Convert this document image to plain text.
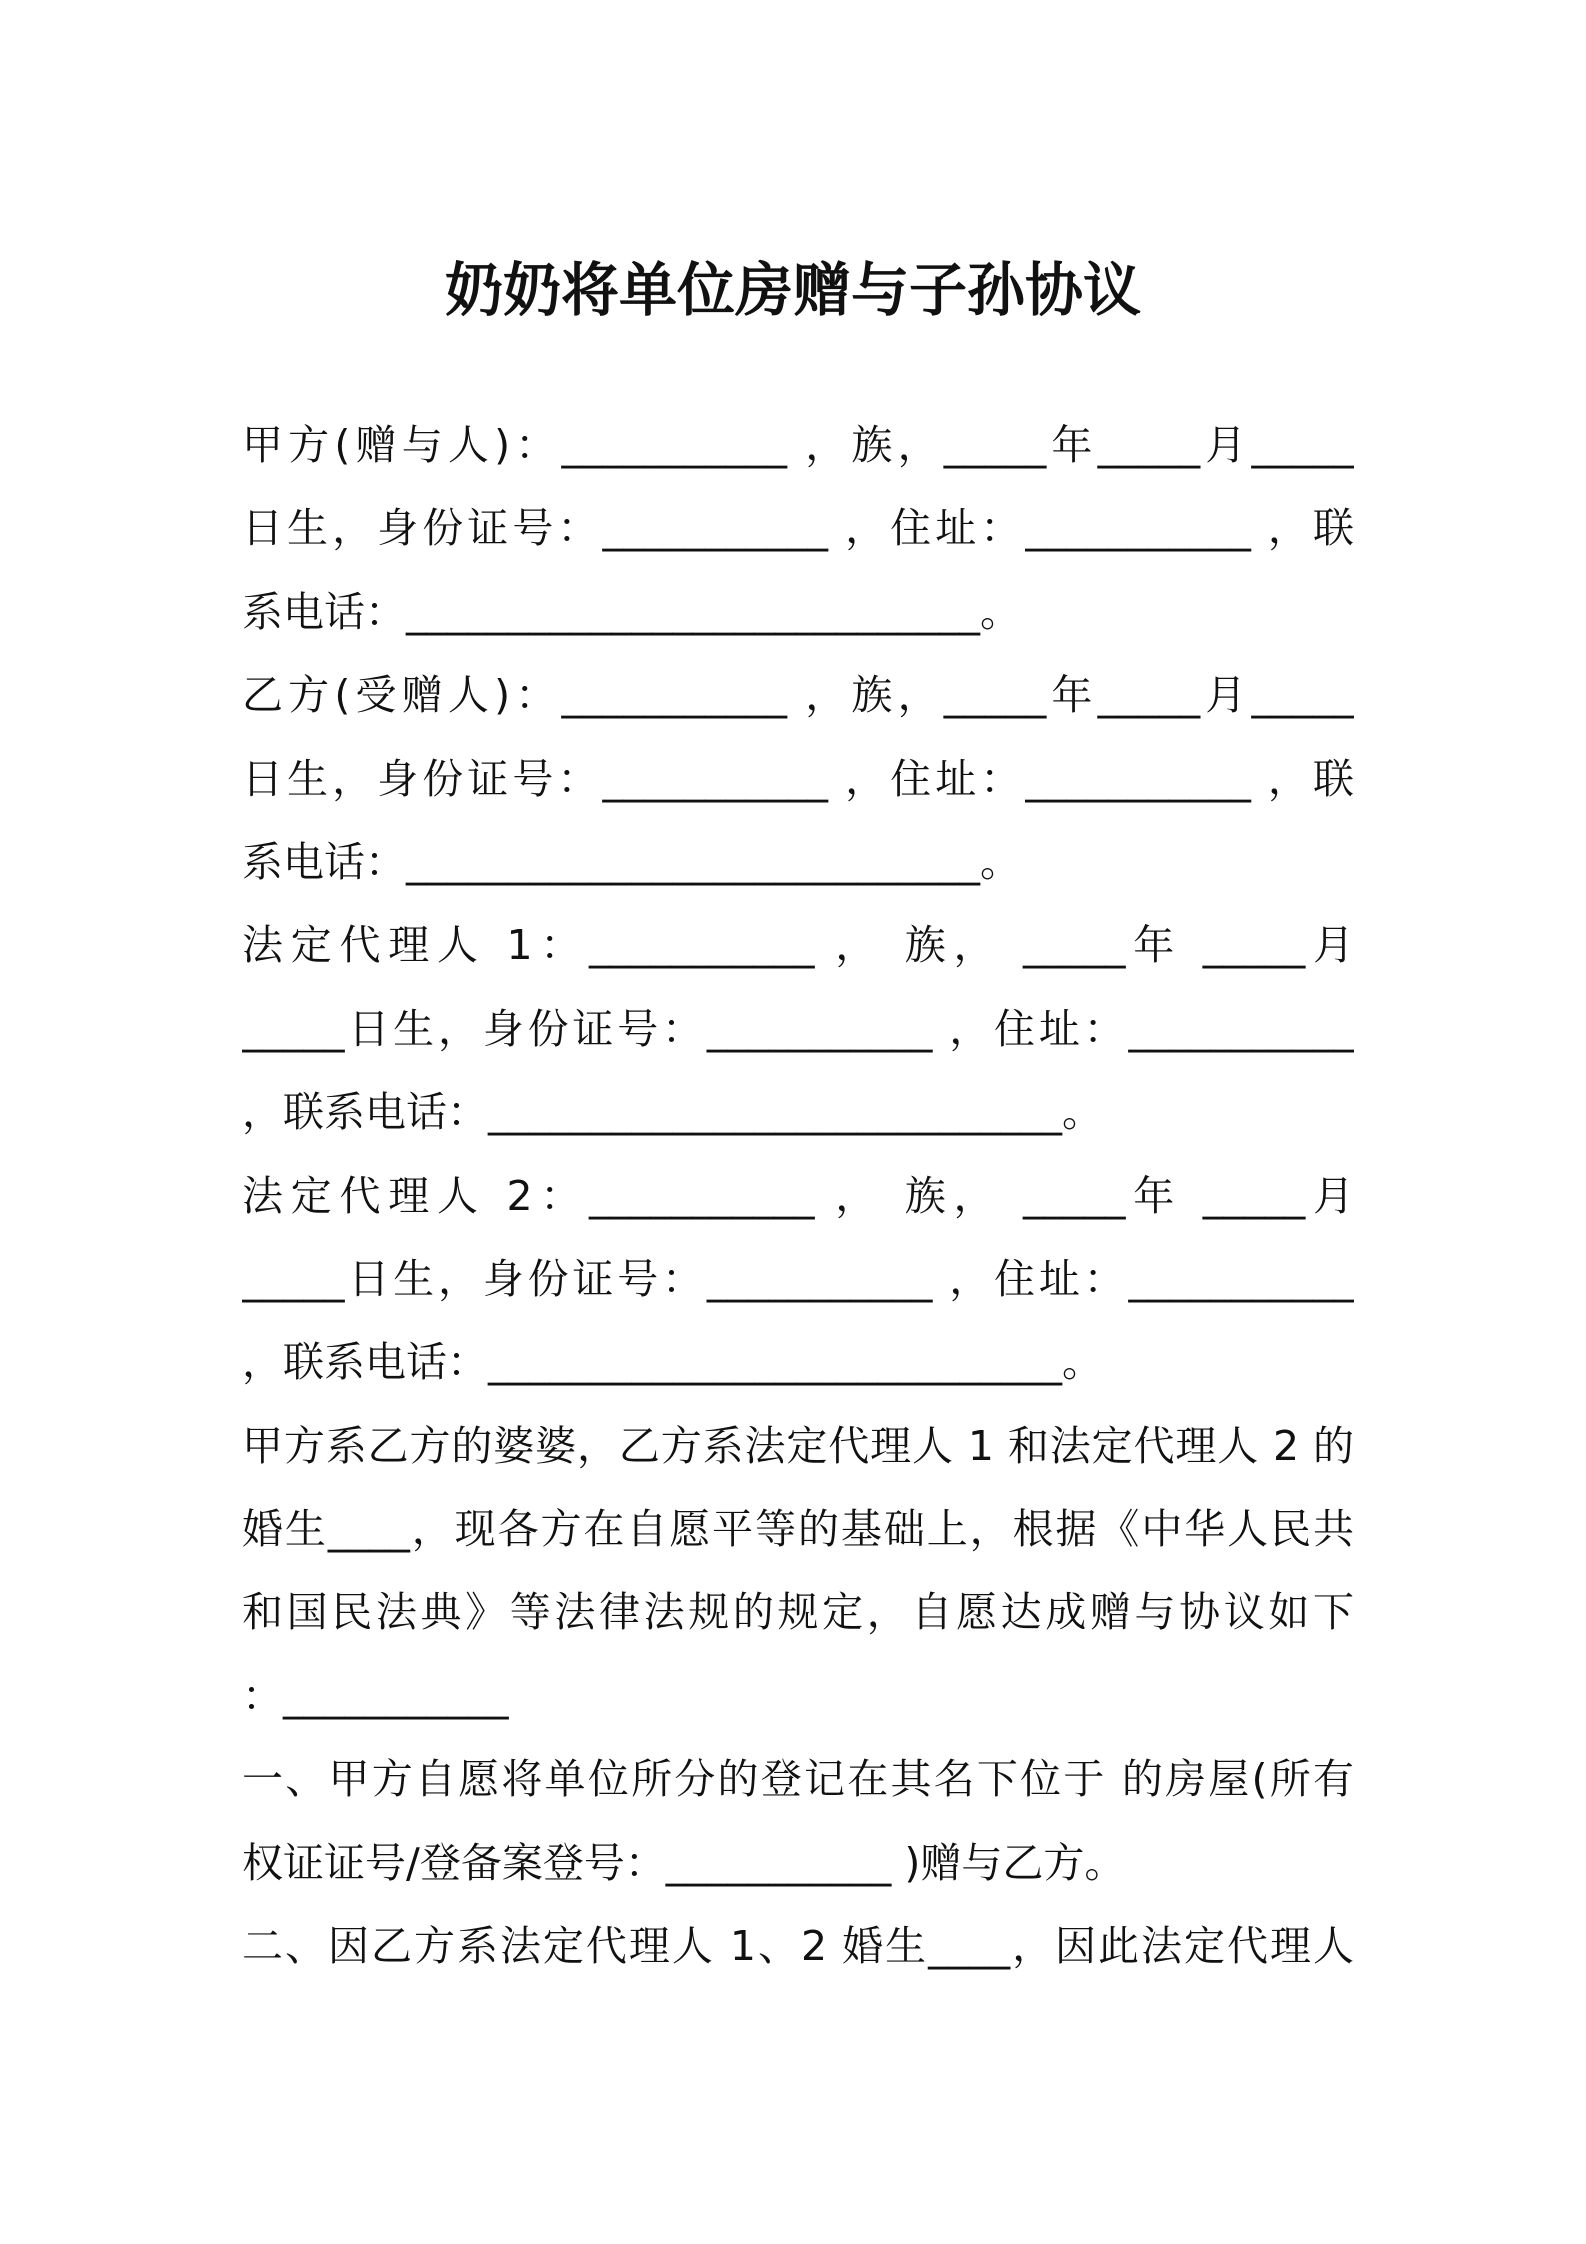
奶奶将单位房赠与子孙协议
甲方(赠与人)：___________ ，族，_____年_____月_____
日生，身份证号：___________ ，住址：___________ ，联
系电话：____________________________。
乙方(受赠人)：___________ ，族，_____年_____月_____
日生，身份证号：___________ ，住址：___________ ，联
系电话：____________________________。
法定代理人 1：___________ ， 族， _____年 _____月
_____日生，身份证号：___________ ，住址：___________
，联系电话：____________________________。
法定代理人 2：___________ ， 族， _____年 _____月
_____日生，身份证号：___________ ，住址：___________
，联系电话：____________________________。
甲方系乙方的婆婆，乙方系法定代理人 1 和法定代理人 2 的
婚生____，现各方在自愿平等的基础上，根据《中华人民共
和国民法典》等法律法规的规定，自愿达成赠与协议如下
：___________
一、甲方自愿将单位所分的登记在其名下位于 的房屋(所有
权证证号/登备案登号：___________ )赠与乙方。
二、因乙方系法定代理人 1、2 婚生____，因此法定代理人
